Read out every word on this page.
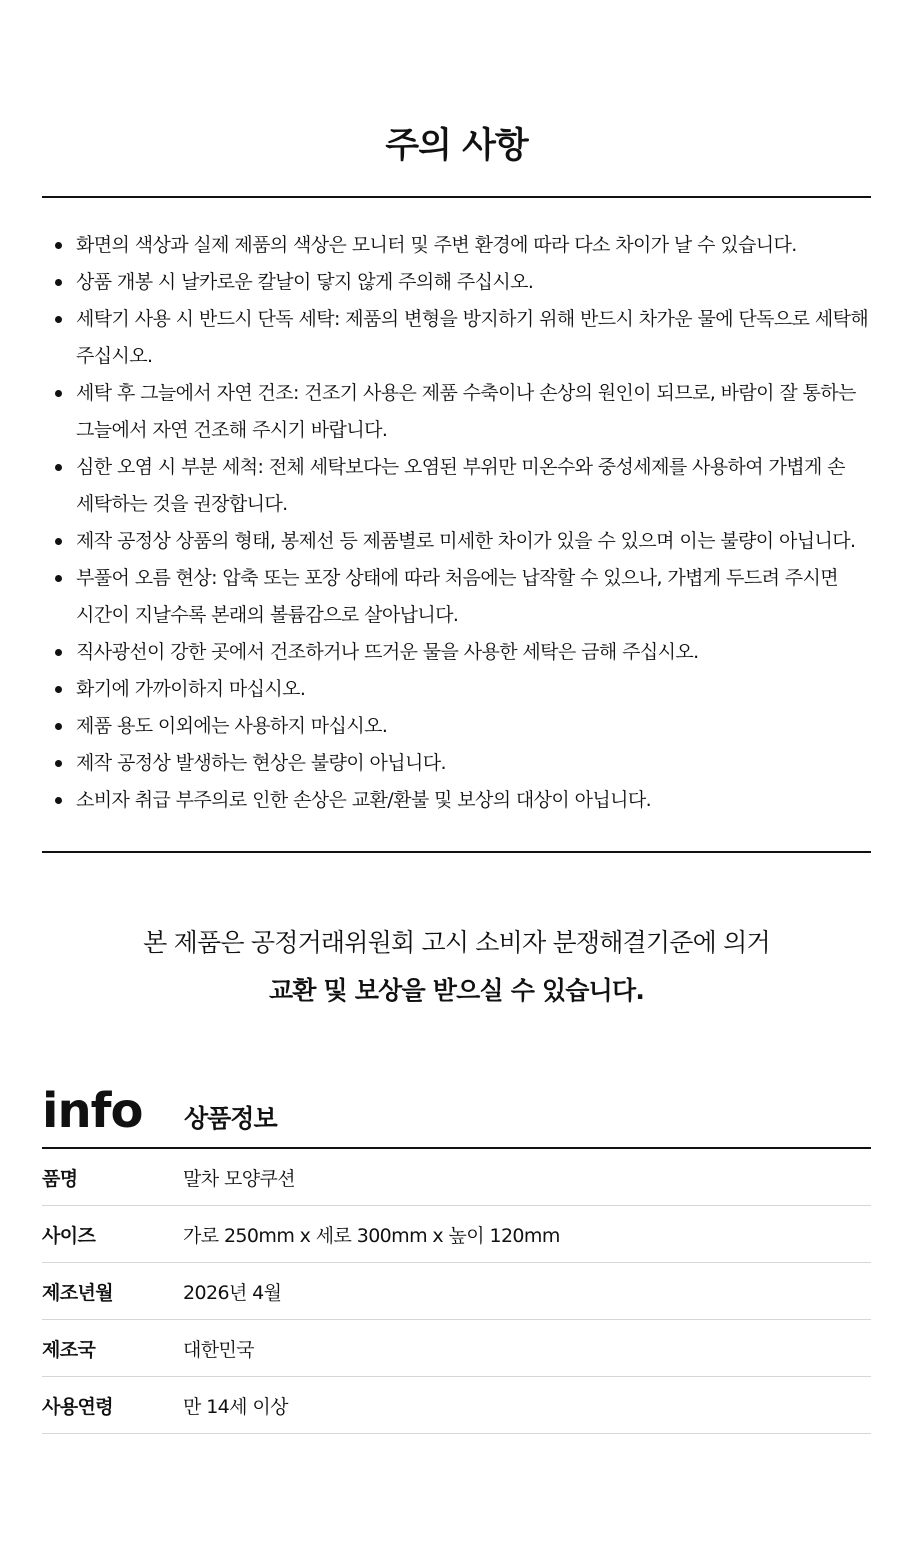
주의 사항
화면의 색상과 실제 제품의 색상은 모니터 및 주변 환경에 따라 다소 차이가 날 수 있습니다.
상품 개봉 시 날카로운 칼날이 닿지 않게 주의해 주십시오.
세탁기 사용 시 반드시 단독 세탁: 제품의 변형을 방지하기 위해 반드시 차가운 물에 단독으로 세탁해 주십시오.
세탁 후 그늘에서 자연 건조: 건조기 사용은 제품 수축이나 손상의 원인이 되므로, 바람이 잘 통하는 그늘에서 자연 건조해 주시기 바랍니다.
심한 오염 시 부분 세척: 전체 세탁보다는 오염된 부위만 미온수와 중성세제를 사용하여 가볍게 손 세탁하는 것을 권장합니다.
제작 공정상 상품의 형태, 봉제선 등 제품별로 미세한 차이가 있을 수 있으며 이는 불량이 아닙니다.
부풀어 오름 현상: 압축 또는 포장 상태에 따라 처음에는 납작할 수 있으나, 가볍게 두드려 주시면 시간이 지날수록 본래의 볼륨감으로 살아납니다.
직사광선이 강한 곳에서 건조하거나 뜨거운 물을 사용한 세탁은 금해 주십시오.
화기에 가까이하지 마십시오.
제품 용도 이외에는 사용하지 마십시오.
제작 공정상 발생하는 현상은 불량이 아닙니다.
소비자 취급 부주의로 인한 손상은 교환/환불 및 보상의 대상이 아닙니다.
본 제품은 공정거래위원회 고시 소비자 분쟁해결기준에 의거
교환 및 보상을 받으실 수 있습니다.
info 상품정보
품명	말차 모양쿠션
사이즈	가로 250mm x 세로 300mm x 높이 120mm
제조년월	2026년 4월
제조국	대한민국
사용연령	만 14세 이상
